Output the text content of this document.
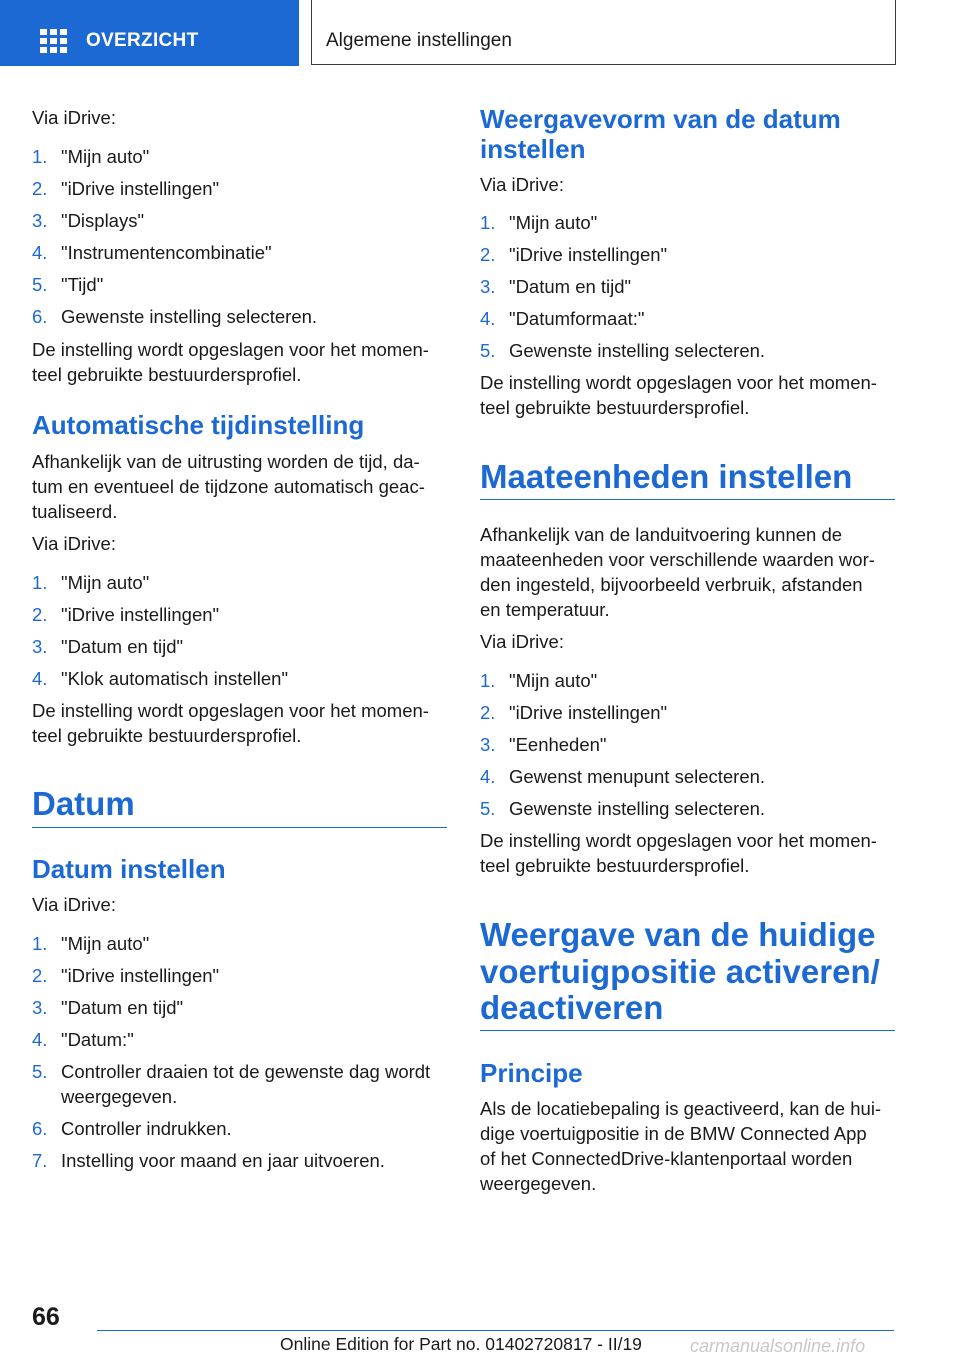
OVERZICHT	Algemene instellingen
Via iDrive:
1. "Mijn auto"
2. "iDrive instellingen"
3. "Displays"
4. "Instrumentencombinatie"
5. "Tijd"
6. Gewenste instelling selecteren.
De instelling wordt opgeslagen voor het momen-
teel gebruikte bestuurdersprofiel.
Automatische tijdinstelling
Afhankelijk van de uitrusting worden de tijd, da-
tum en eventueel de tijdzone automatisch geac-
tualiseerd.
Via iDrive:
1. "Mijn auto"
2. "iDrive instellingen"
3. "Datum en tijd"
4. "Klok automatisch instellen"
De instelling wordt opgeslagen voor het momen-
teel gebruikte bestuurdersprofiel.
Datum
Datum instellen
Via iDrive:
1. "Mijn auto"
2. "iDrive instellingen"
3. "Datum en tijd"
4. "Datum:"
5. Controller draaien tot de gewenste dag wordt
weergegeven.
6. Controller indrukken.
7. Instelling voor maand en jaar uitvoeren.
Weergavevorm van de datum
instellen
Via iDrive:
1. "Mijn auto"
2. "iDrive instellingen"
3. "Datum en tijd"
4. "Datumformaat:"
5. Gewenste instelling selecteren.
De instelling wordt opgeslagen voor het momen-
teel gebruikte bestuurdersprofiel.
Maateenheden instellen
Afhankelijk van de landuitvoering kunnen de
maateenheden voor verschillende waarden wor-
den ingesteld, bijvoorbeeld verbruik, afstanden
en temperatuur.
Via iDrive:
1. "Mijn auto"
2. "iDrive instellingen"
3. "Eenheden"
4. Gewenst menupunt selecteren.
5. Gewenste instelling selecteren.
De instelling wordt opgeslagen voor het momen-
teel gebruikte bestuurdersprofiel.
Weergave van de huidige
voertuigpositie activeren/
deactiveren
Principe
Als de locatiebepaling is geactiveerd, kan de hui-
dige voertuigpositie in de BMW Connected App
of het ConnectedDrive-klantenportaal worden
weergegeven.
66
Online Edition for Part no. 01402720817 - II/19	carmanualsonline.info
